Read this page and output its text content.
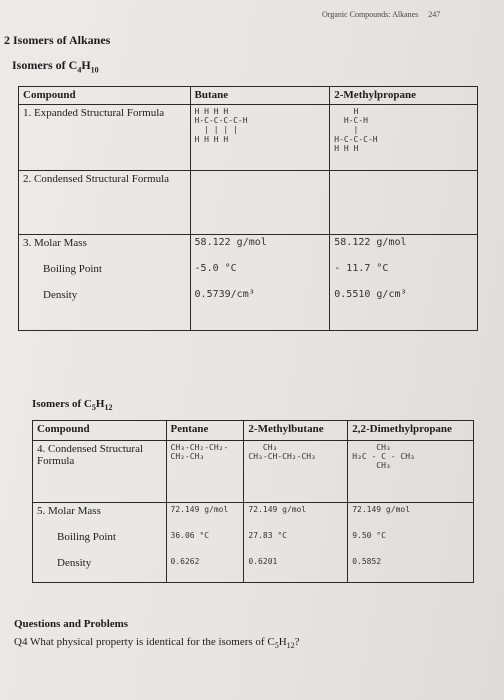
Organic Compounds: Alkanes 247
2 Isomers of Alkanes
Isomers of $C_4H_{10}$
Compound	Butane	2-Methylpropane
1. Expanded Structural Formula	H H H H
H-C-C-C-C-H
| | | |
H H H H	H
H-C-H
|
H-C-C-C-H
H H H
2. Condensed Structural Formula		
3. Molar Mass	58.122 g/mol	58.122 g/mol
Boiling Point	-5.0 °C	- 11.7 °C
Density	0.5739/cm³	0.5510 g/cm³
Isomers of $C_5H_{12}$
Compound	Pentane	2-Methylbutane	2,2-Dimethylpropane
4. Condensed Structural Formula	CH₃-CH₂-CH₂-
CH₂-CH₃	CH₃
CH₃-CH-CH₂-CH₃	CH₃
H₃C - C - CH₃
CH₃
5. Molar Mass	72.149 g/mol	72.149 g/mol	72.149 g/mol
Boiling Point	36.06 °C	27.83 °C	9.50 °C
Density	0.6262	0.6201	0.5852
Questions and Problems
Q4 What physical property is identical for the isomers of $C_5H_{12}$?
